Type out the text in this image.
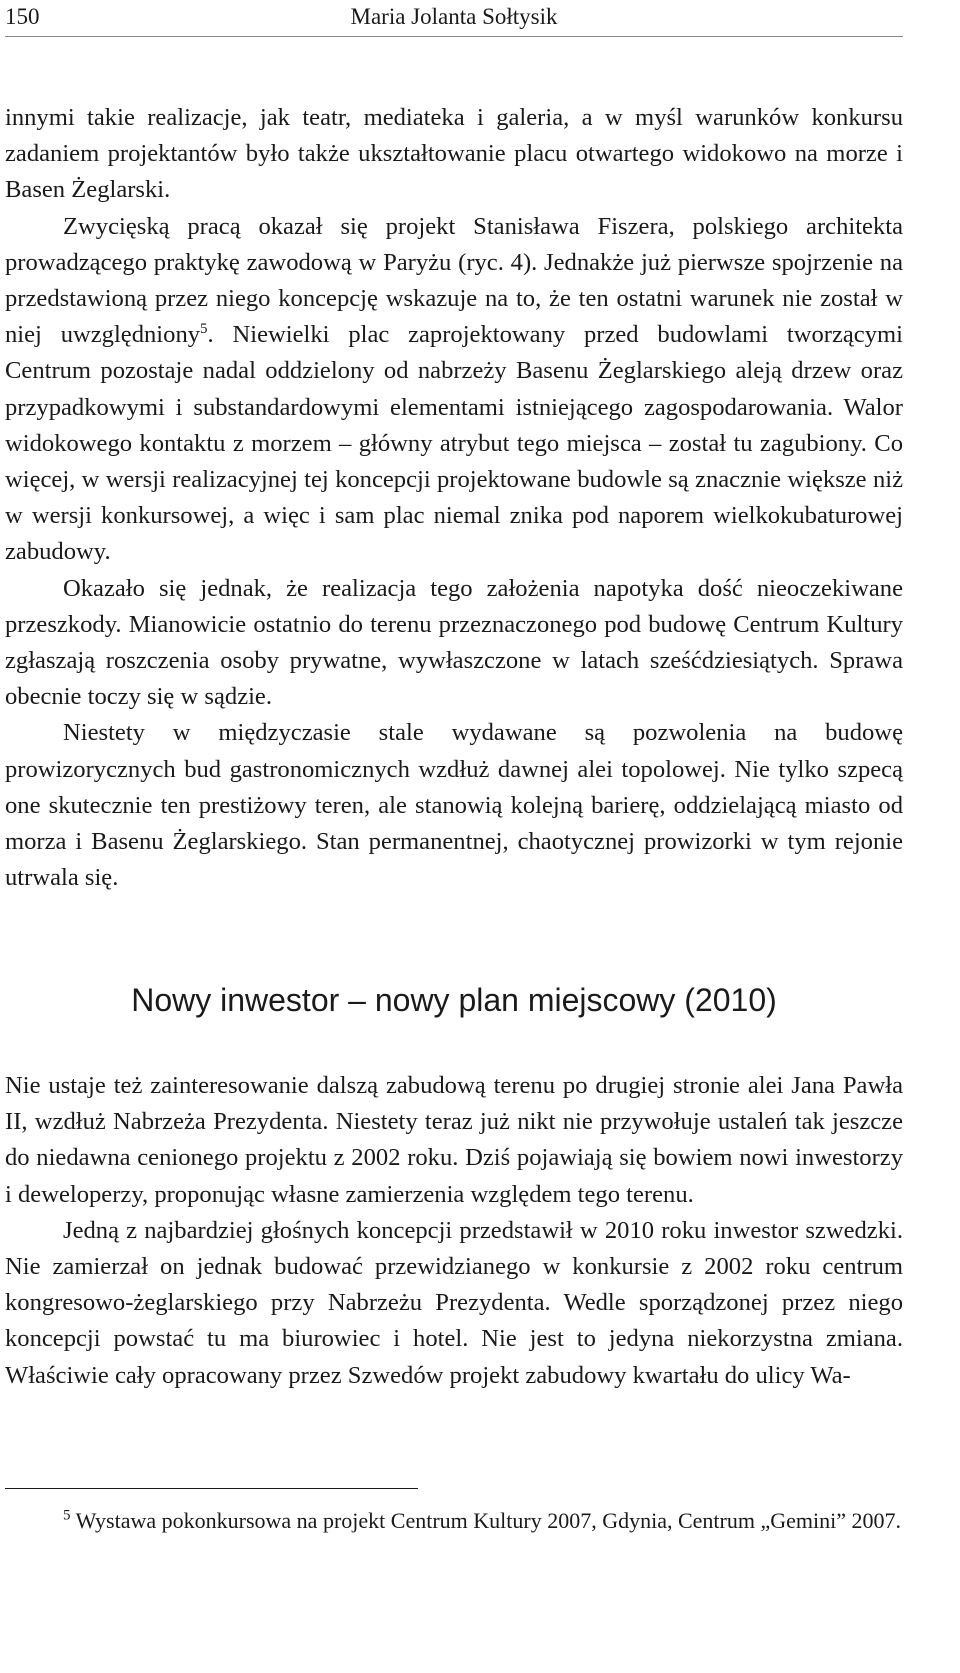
150	Maria Jolanta Sołtysik

innymi takie realizacje, jak teatr, mediateka i galeria, a w myśl warunków konkursu zadaniem projektantów było także ukształtowanie placu otwartego widokowo na morze i Basen Żeglarski.

Zwycięską pracą okazał się projekt Stanisława Fiszera, polskiego architekta prowadzącego praktykę zawodową w Paryżu (ryc. 4). Jednakże już pierwsze spojrzenie na przedstawioną przez niego koncepcję wskazuje na to, że ten ostatni warunek nie został w niej uwzględniony$^5$. Niewielki plac zaprojektowany przed budowlami tworzącymi Centrum pozostaje nadal oddzielony od nabrzeży Basenu Żeglarskiego aleją drzew oraz przypadkowymi i substandardowymi elementami istniejącego zagospodarowania. Walor widokowego kontaktu z morzem – główny atrybut tego miejsca – został tu zagubiony. Co więcej, w wersji realizacyjnej tej koncepcji projektowane budowle są znacznie większe niż w wersji konkursowej, a więc i sam plac niemal znika pod naporem wielkokubaturowej zabudowy.

Okazało się jednak, że realizacja tego założenia napotyka dość nieoczekiwane przeszkody. Mianowicie ostatnio do terenu przeznaczonego pod budowę Centrum Kultury zgłaszają roszczenia osoby prywatne, wywłaszczone w latach sześćdziesiątych. Sprawa obecnie toczy się w sądzie.

Niestety w międzyczasie stale wydawane są pozwolenia na budowę prowizorycznych bud gastronomicznych wzdłuż dawnej alei topolowej. Nie tylko szpecą one skutecznie ten prestiżowy teren, ale stanowią kolejną barierę, oddzielającą miasto od morza i Basenu Żeglarskiego. Stan permanentnej, chaotycznej prowizorki w tym rejonie utrwala się.

Nowy inwestor – nowy plan miejscowy (2010)

Nie ustaje też zainteresowanie dalszą zabudową terenu po drugiej stronie alei Jana Pawła II, wzdłuż Nabrzeża Prezydenta. Niestety teraz już nikt nie przywołuje ustaleń tak jeszcze do niedawna cenionego projektu z 2002 roku. Dziś pojawiają się bowiem nowi inwestorzy i deweloperzy, proponując własne zamierzenia względem tego terenu.

Jedną z najbardziej głośnych koncepcji przedstawił w 2010 roku inwestor szwedzki. Nie zamierzał on jednak budować przewidzianego w konkursie z 2002 roku centrum kongresowo-żeglarskiego przy Nabrzeżu Prezydenta. Wedle sporządzonej przez niego koncepcji powstać tu ma biurowiec i hotel. Nie jest to jedyna niekorzystna zmiana. Właściwie cały opracowany przez Szwedów projekt zabudowy kwartału do ulicy Wa-

$^5$ Wystawa pokonkursowa na projekt Centrum Kultury 2007, Gdynia, Centrum „Gemini” 2007.
